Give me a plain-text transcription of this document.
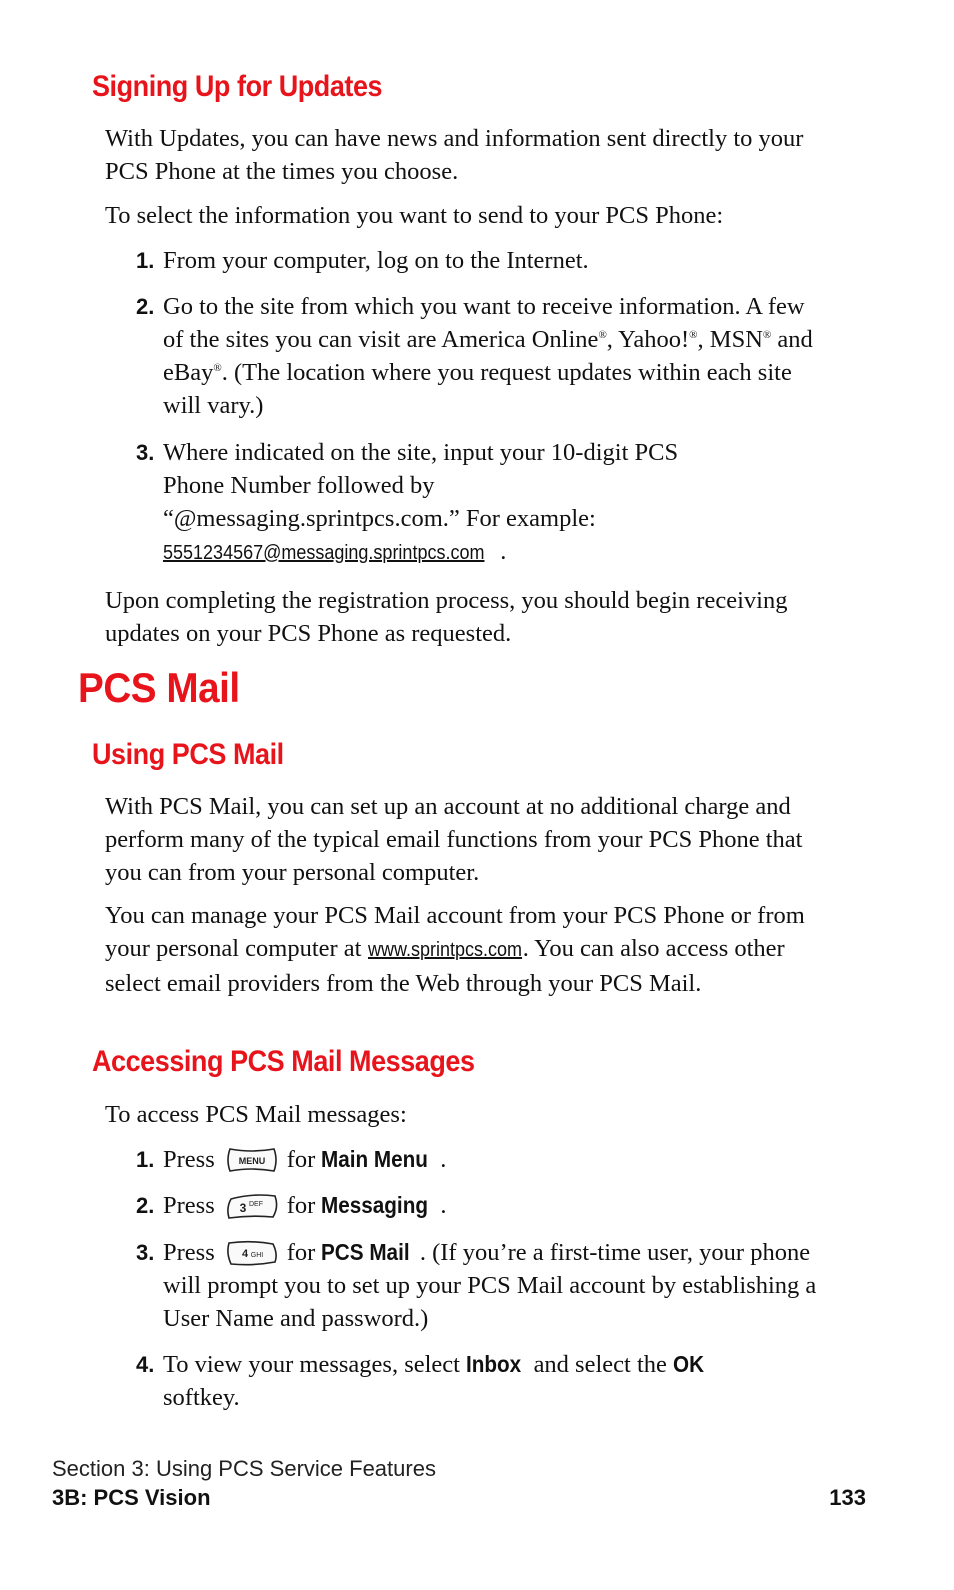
Signing Up for Updates

With Updates, you can have news and information sent directly to your PCS Phone at the times you choose.

To select the information you want to send to your PCS Phone:

1. From your computer, log on to the Internet.

2. Go to the site from which you want to receive information. A few of the sites you can visit are America Online®, Yahoo!®, MSN® and eBay®. (The location where you request updates within each site will vary.)

3. Where indicated on the site, input your 10-digit PCS Phone Number followed by “@messaging.sprintpcs.com.” For example: 5551234567@messaging.sprintpcs.com .

Upon completing the registration process, you should begin receiving updates on your PCS Phone as requested.

PCS Mail
Using PCS Mail

With PCS Mail, you can set up an account at no additional charge and perform many of the typical email functions from your PCS Phone that you can from your personal computer.

You can manage your PCS Mail account from your PCS Phone or from your personal computer at www.sprintpcs.com. You can also access other select email providers from the Web through your PCS Mail.

Accessing PCS Mail Messages

To access PCS Mail messages:

1. Press	MENU for Main Menu .

2. Press 3 DEF for Messaging .

3. Press 4 GHI for PCS Mail . (If you’re a first-time user, your phone will prompt you to set up your PCS Mail account by establishing a User Name and password.)

4. To view your messages, select Inbox and select the OK softkey.

Section 3: Using PCS Service Features

3B: PCS Vision	133
